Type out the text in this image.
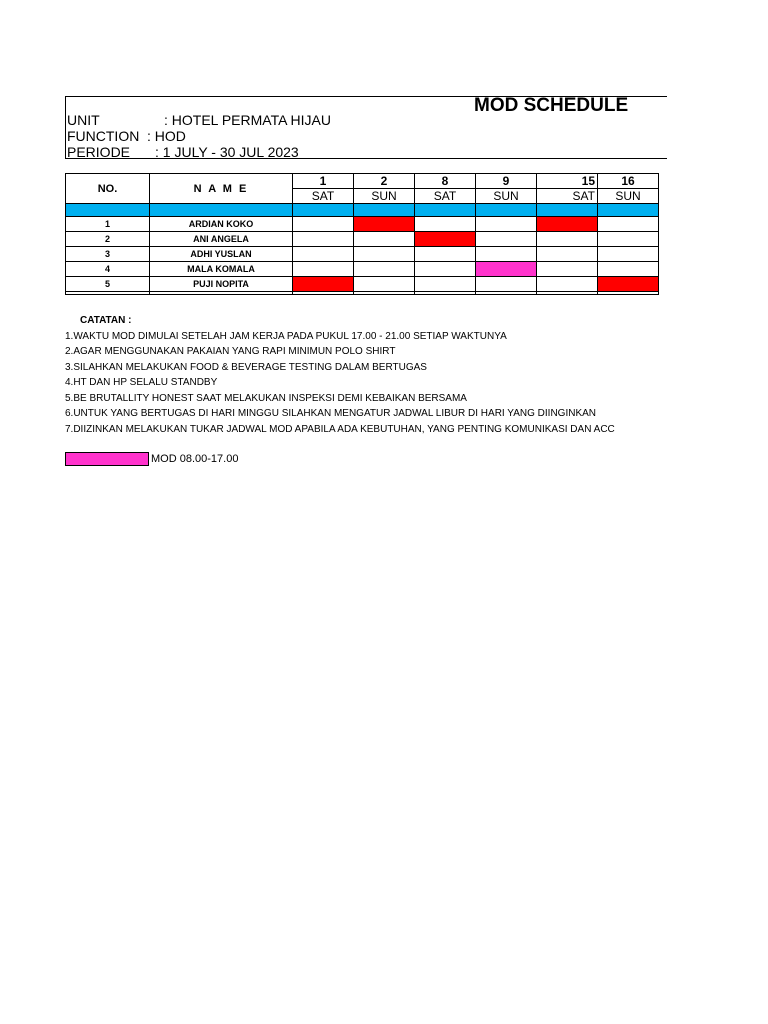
MOD SCHEDULE
UNIT	: HOTEL PERMATA HIJAU
FUNCTION : HOD
PERIODE : 1 JULY - 30 JUL 2023
NO.	N A M E	1	2	8	9	15	16
		SAT	SUN	SAT	SUN	SAT	SUN

1	ARDIAN KOKO						
2	ANI ANGELA						
3	ADHI YUSLAN						
4	MALA KOMALA						
5	PUJI NOPITA						

CATATAN :
1.WAKTU MOD DIMULAI SETELAH JAM KERJA PADA PUKUL 17.00 - 21.00 SETIAP WAKTUNYA
2.AGAR MENGGUNAKAN PAKAIAN YANG RAPI MINIMUN POLO SHIRT
3.SILAHKAN MELAKUKAN FOOD & BEVERAGE TESTING DALAM BERTUGAS
4.HT DAN HP SELALU STANDBY
5.BE BRUTALLITY HONEST SAAT MELAKUKAN INSPEKSI DEMI KEBAIKAN BERSAMA
6.UNTUK YANG BERTUGAS DI HARI MINGGU SILAHKAN MENGATUR JADWAL LIBUR DI HARI YANG DIINGINKAN
7.DIIZINKAN MELAKUKAN TUKAR JADWAL MOD APABILA ADA KEBUTUHAN, YANG PENTING KOMUNIKASI DAN ACC
MOD 08.00-17.00
